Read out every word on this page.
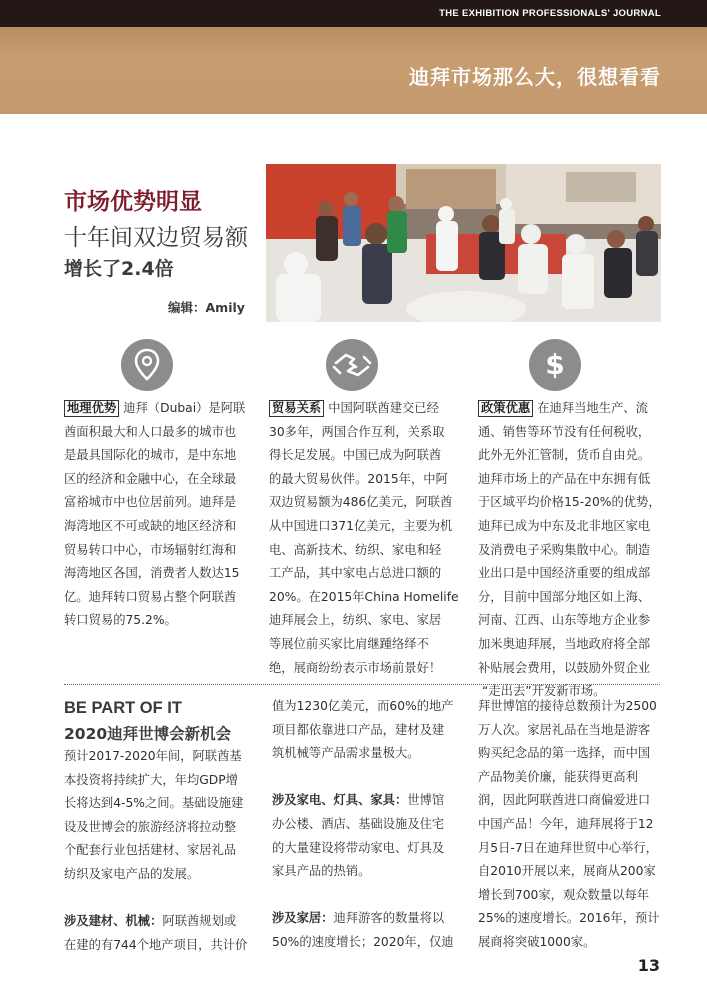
THE EXHIBITION PROFESSIONALS' JOURNAL
迪拜市场那么大，很想看看
市场优势明显
十年间双边贸易额
增长了2.4倍
编辑：Amily
$
地理优势 迪拜（Dubai）是阿联
酋面积最大和人口最多的城市也
是最具国际化的城市，是中东地
区的经济和金融中心，在全球最
富裕城市中也位居前列。迪拜是
海湾地区不可或缺的地区经济和
贸易转口中心，市场辐射红海和
海湾地区各国，消费者人数达15
亿。迪拜转口贸易占整个阿联酋
转口贸易的75.2%。
贸易关系 中国阿联酋建交已经
30多年，两国合作互利，关系取
得长足发展。中国已成为阿联酋
的最大贸易伙伴。2015年，中阿
双边贸易额为486亿美元，阿联酋
从中国进口371亿美元，主要为机
电、高新技术、纺织、家电和轻
工产品，其中家电占总进口额的
20%。在2015年China Homelife
迪拜展会上，纺织、家电、家居
等展位前买家比肩继踵络绎不
绝，展商纷纷表示市场前景好！
政策优惠 在迪拜当地生产、流
通、销售等环节没有任何税收，
此外无外汇管制，货币自由兑。
迪拜市场上的产品在中东拥有低
于区域平均价格15-20%的优势，
迪拜已成为中东及北非地区家电
及消费电子采购集散中心。制造
业出口是中国经济重要的组成部
分，目前中国部分地区如上海、
河南、江西、山东等地方企业参
加米奥迪拜展，当地政府将全部
补贴展会费用，以鼓励外贸企业
“走出去”开发新市场。
BE PART OF IT
2020迪拜世博会新机会

预计2017-2020年间，阿联酋基

本投资将持续扩大，年均GDP增

长将达到4-5%之间。基础设施建

设及世博会的旅游经济将拉动整

个配套行业包括建材、家居礼品

纺织及家电产品的发展。

涉及建材、机械：阿联酋规划或

在建的有744个地产项目，共计价

值为1230亿美元，而60%的地产

项目都依靠进口产品，建材及建

筑机械等产品需求量极大。

涉及家电、灯具、家具：世博馆

办公楼、酒店、基础设施及住宅

的大量建设将带动家电、灯具及

家具产品的热销。

涉及家居：迪拜游客的数量将以

50%的速度增长；2020年，仅迪

拜世博馆的接待总数预计为2500

万人次。家居礼品在当地是游客

购买纪念品的第一选择，而中国

产品物美价廉，能获得更高利

润，因此阿联酋进口商偏爱进口

中国产品！今年，迪拜展将于12

月5日-7日在迪拜世贸中心举行，

自2010开展以来，展商从200家

增长到700家，观众数量以每年

25%的速度增长。2016年，预计

展商将突破1000家。

13
